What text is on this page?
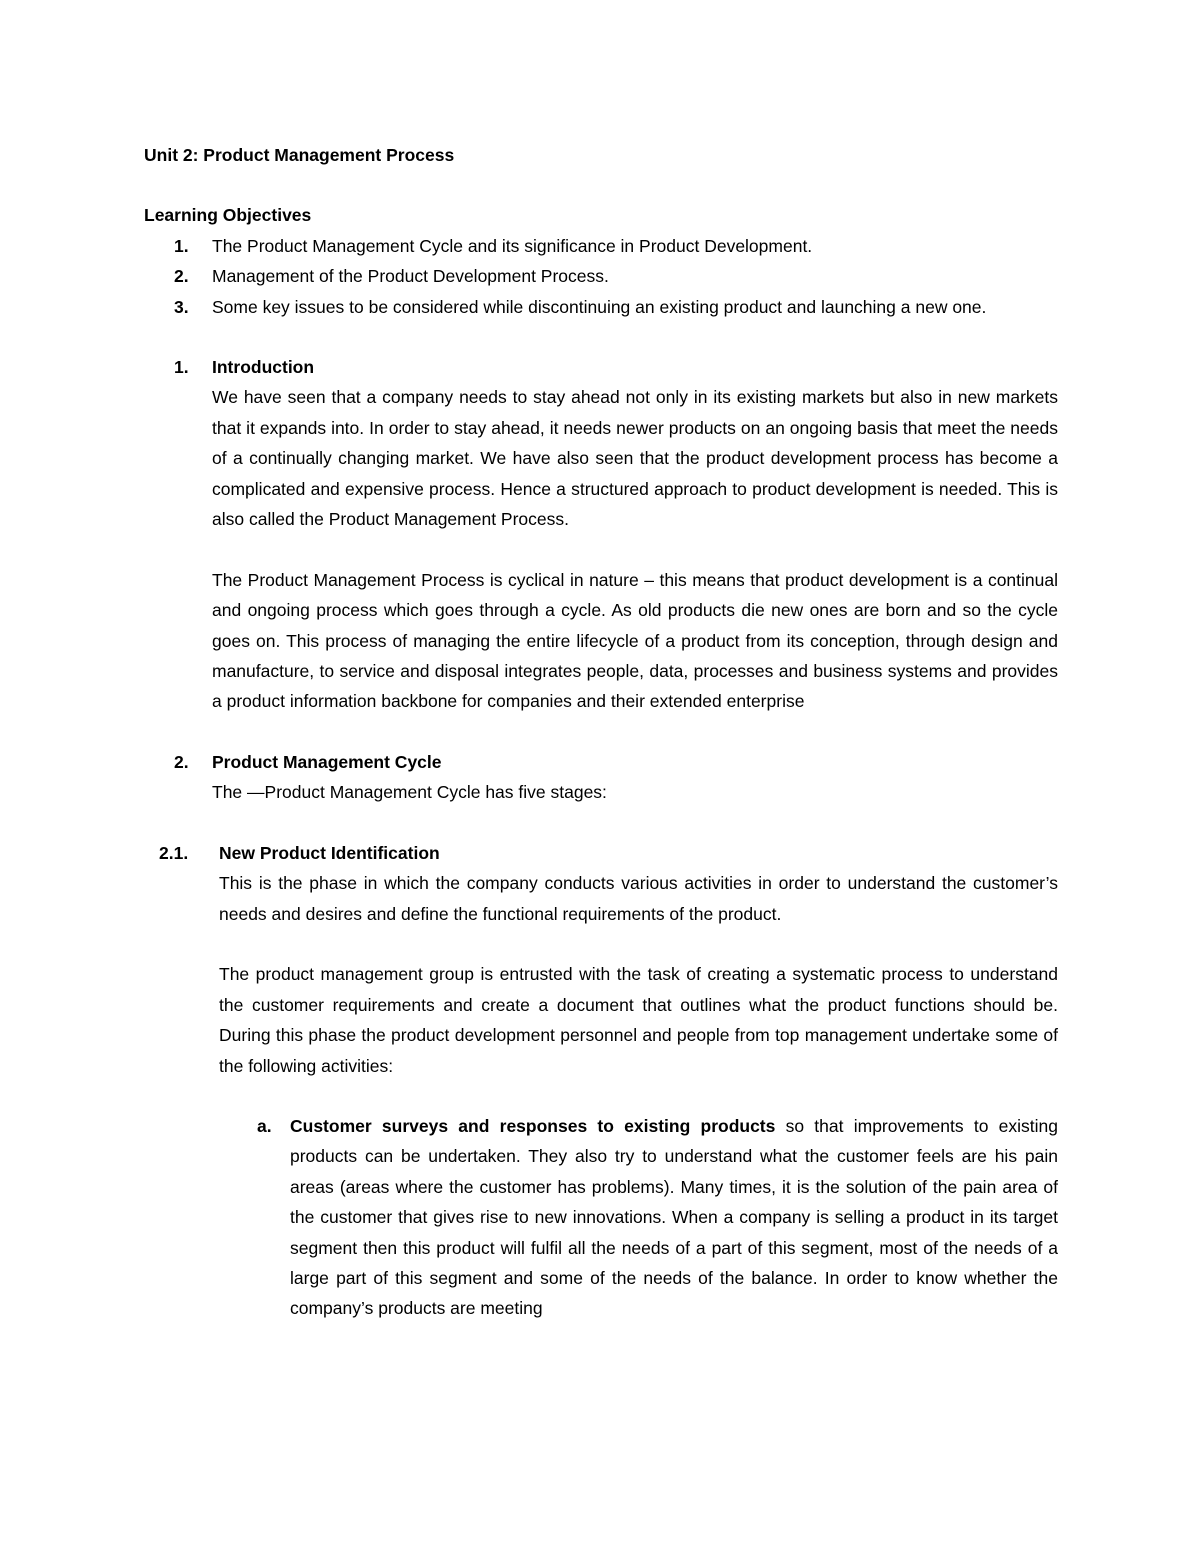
Unit 2: Product Management Process

Learning Objectives

1. The Product Management Cycle and its significance in Product Development.
2. Management of the Product Development Process.
3. Some key issues to be considered while discontinuing an existing product and launching a new one.
1. Introduction

We have seen that a company needs to stay ahead not only in its existing markets but also in new markets that it expands into. In order to stay ahead, it needs newer products on an ongoing basis that meet the needs of a continually changing market. We have also seen that the product development process has become a complicated and expensive process. Hence a structured approach to product development is needed. This is also called the Product Management Process.

The Product Management Process is cyclical in nature – this means that product development is a continual and ongoing process which goes through a cycle. As old products die new ones are born and so the cycle goes on. This process of managing the entire lifecycle of a product from its conception, through design and manufacture, to service and disposal integrates people, data, processes and business systems and provides a product information backbone for companies and their extended enterprise

2. Product Management Cycle

The ―Product Management Cycle has five stages:

2.1. New Product Identification

This is the phase in which the company conducts various activities in order to understand the customer’s needs and desires and define the functional requirements of the product.

The product management group is entrusted with the task of creating a systematic process to understand the customer requirements and create a document that outlines what the product functions should be. During this phase the product development personnel and people from top management undertake some of the following activities:

a. Customer surveys and responses to existing products so that improvements to existing products can be undertaken. They also try to understand what the customer feels are his pain areas (areas where the customer has problems). Many times, it is the solution of the pain area of the customer that gives rise to new innovations. When a company is selling a product in its target segment then this product will fulfil all the needs of a part of this segment, most of the needs of a large part of this segment and some of the needs of the balance. In order to know whether the company’s products are meeting
